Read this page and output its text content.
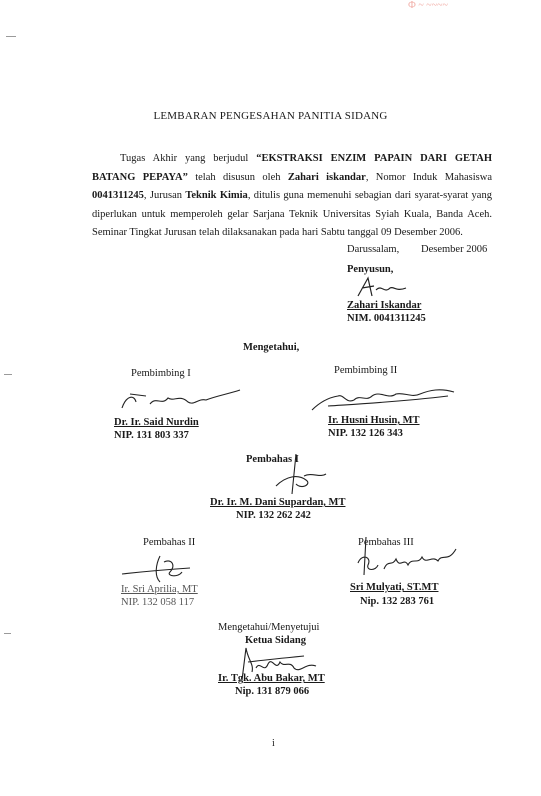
Ф ~ ~~~~
LEMBARAN PENGESAHAN PANITIA SIDANG
Tugas Akhir yang berjudul “EKSTRAKSI ENZIM PAPAIN DARI GETAH BATANG PEPAYA” telah disusun oleh Zahari iskandar, Nomor Induk Mahasiswa 0041311245, Jurusan Teknik Kimia, ditulis guna memenuhi sebagian dari syarat-syarat yang diperlukan untuk memperoleh gelar Sarjana Teknik Universitas Syiah Kuala, Banda Aceh. Seminar Tingkat Jurusan telah dilaksanakan pada hari Sabtu tanggal 09 Desember 2006.
Darussalam, Desember 2006
Penyusun,
Zahari Iskandar
NIM. 0041311245
Mengetahui,
Pembimbing I
Dr. Ir. Said Nurdin
NIP. 131 803 337
Pembimbing II
Ir. Husni Husin, MT
NIP. 132 126 343
Pembahas I
Dr. Ir. M. Dani Supardan, MT
NIP. 132 262 242
Pembahas II
Ir. Sri Aprilia, MT
NIP. 132 058 117
Pembahas III
Sri Mulyati, ST.MT
Nip. 132 283 761
Mengetahui/Menyetujui
Ketua Sidang
Ir. Tgk. Abu Bakar, MT
Nip. 131 879 066
i
